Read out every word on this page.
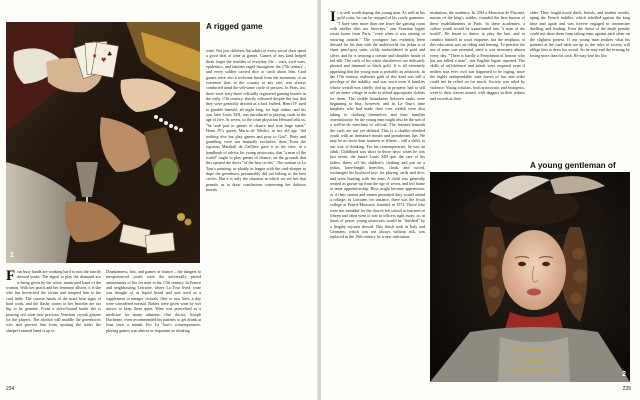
♦
♥
♣
1
A rigged game

wine. Not just children, but adults of every social class spent a good deal of time at games. Games of any kind helped them forget the troubles of everyday life – wars, civil wars, epidemics, and famines raged throughout the 17th century – and every soldier carried dice or cards about him. Card games were also a welcome break from the monotony of an existence that, in the country at any rate, was always conducted amid the self-same circle of persons. In Paris, too, there were forty-three officially registered gaming houses in the early 17th century, shortly tolerated despite the fact that they were generally decried as a bait. Indeed, Henri IV used to gamble himself, all night long, for high stakes, and his son, later Louis XIII, was introduced to playing cards at the age of five. At seven, so the court physician Héroard tells us, "he took part in games of chance and won large sums." Henri IV's queen, Maria de' Medici, in her old age "did nothing else but play games and pray to God". Piety and gambling were not mutually exclusive, then. Even the rigorous Marshall de Caillière gave it as his view, in a handbook of advice for young aristocrats, that "a man of the world" ought to play games of chance, on the grounds that this opened the doors "of the best circles". The woman in La Tour's painting, so plainly in league with the card-sharper to dupe the greenhorn, presumably did not belong to the best circles. But it is only the situation in which we see her that permits us to draw conclusions concerning her dubious morals.

Four busy hands are working hard to ruin the fancily dressed youth. The signal to play the diamond ace is being given by the white, manicured hand of the woman. With her pearls and her feminine allures, it is she who has bewitched the victim and tempted him to the card table. The coarser hands of the maid bear signs of hard work, and the flashy stones in her bracelet are too big to be genuine. From a straw-bound bottle she is pouring red wine into precious Venetian crystal glasses for the players. The alcohol will muddle the greenhorn's wits and prevent him from spotting the tricks the sharper's tanned hand is up to.

Drunkenness, lust, and games of chance – the dangers to inexperienced youth were the universally prized amusements of life for men in the 17th century. In France and neighbouring Lorraine, where La Tour lived, wine was thought of as liquid bread and was used as a supplement to meagre victuals. One or two litres a day were considered normal. Babies were given wine by wet nurses to keep them quiet. Wine was prescribed as a medicine for many ailments. One doctor, Joseph Duchesne, even recommended his patients to get drunk at least once a month. For La Tour's contemporaries, playing games was almost as important as drinking

234

It is well worth doping this young man. As well as his gold coins, he can be stripped of his costly garments. "I have seen more than one leave the gaming room with neither shirt nor breeches," one Venetian legate wrote home from Paris, "even when it was raining or snowing outside." The youngster has evidently been dressed for his date with the underworld: his jerkin is of sheer pearl-grey satin, richly embroidered in gold and silver, and he is wearing a cravate and shoulder bands of red silk. The cuffs of his white shirtsleeves are delicately pleated and trimmed in black gold. It is all extremely appealing that the young man is probably an aristocrat. In the 17th century, elaborate garb of this kind was still a privilege of the nobility, and was worn even if families whose wealth was chiefly tied up in property had to sell off an entire village in order to afford appropriate clothes for them. The visible boundaries between ranks were beginning to blur, however, and in La Tour's time burghers who had made their own wealth were also taking to clothing themselves and their families ostentatiously. So the young man might also be the son of a well-to-do merchant or official. The features beneath the curls are not yet defined. This is a chubby-cheeked youth with an immature mouth and protuberant lips. He may be no more than fourteen or fifteen – still a child, to our way of thinking. For his contemporaries, he was an adult. Childhood was short in those days: when he was just seven, the future Louis XIII quit the care of his ladies, threw off his children's clothing and put on a jerkin, knee-length breeches, cloak, and sword, exchanged his boyhood toys for playing cards and dice, and went hunting with the men. A child was generally treated as grown-up from the age of seven, and left home to enter apprenticeship. Boys might become apprentices, or if their station and means permitted they would attend a college; in Lorraine, for instance, there was the Jesuit college at Pont-à-Mousson, founded in 1572. Those who were not intended for the church left school at fourteen or fifteen and often went to war as officers right away; or, in times of peace, young aristocrats would be "finished" by a lengthy sojourn abroad. This finish took in Italy and Germany, which was not always without risk, was replaced in the 19th century by a new institution,

institution, the academy. In 1594 a Monsieur de Pluvinel, master of the king's stables, founded the best-known of these establishments in Paris. In these academies, a callow youth would be transformed into "a man of the world". He learnt to dance, to play the lute, and to conduct himself in court etiquette; but the emphasis of this education was on riding and fencing. To practise the use of arms was essential, since it was necessary almost every day. "There is hardly a Frenchman of honour who has not killed a man", one English legate reported. The skills of self-defence and attack were required even if neither was ever civil war happened to be raging, since the highly undependable state forces of law and order could not be relied on for much. Society was ruled by violence. Young scholars, both aristocratic and bourgeois, went to their classes armed, with daggers in their jerkins and swords at their

sides. They fought mock duels, brawls, and student revolts, aping the French nobility, which rebelled against the king time and again and was forever engaged in internecine duelling and feuding. Even the threat of the death penalty could not deter them from taking arms against each other on the slightest pretext. If our young man realizes what his partners at the card table are up to, the rules of society will oblige him to draw his sword. So he may end the evening by losing more than his cash. He may lose his life.

A young gentleman of
2
235
